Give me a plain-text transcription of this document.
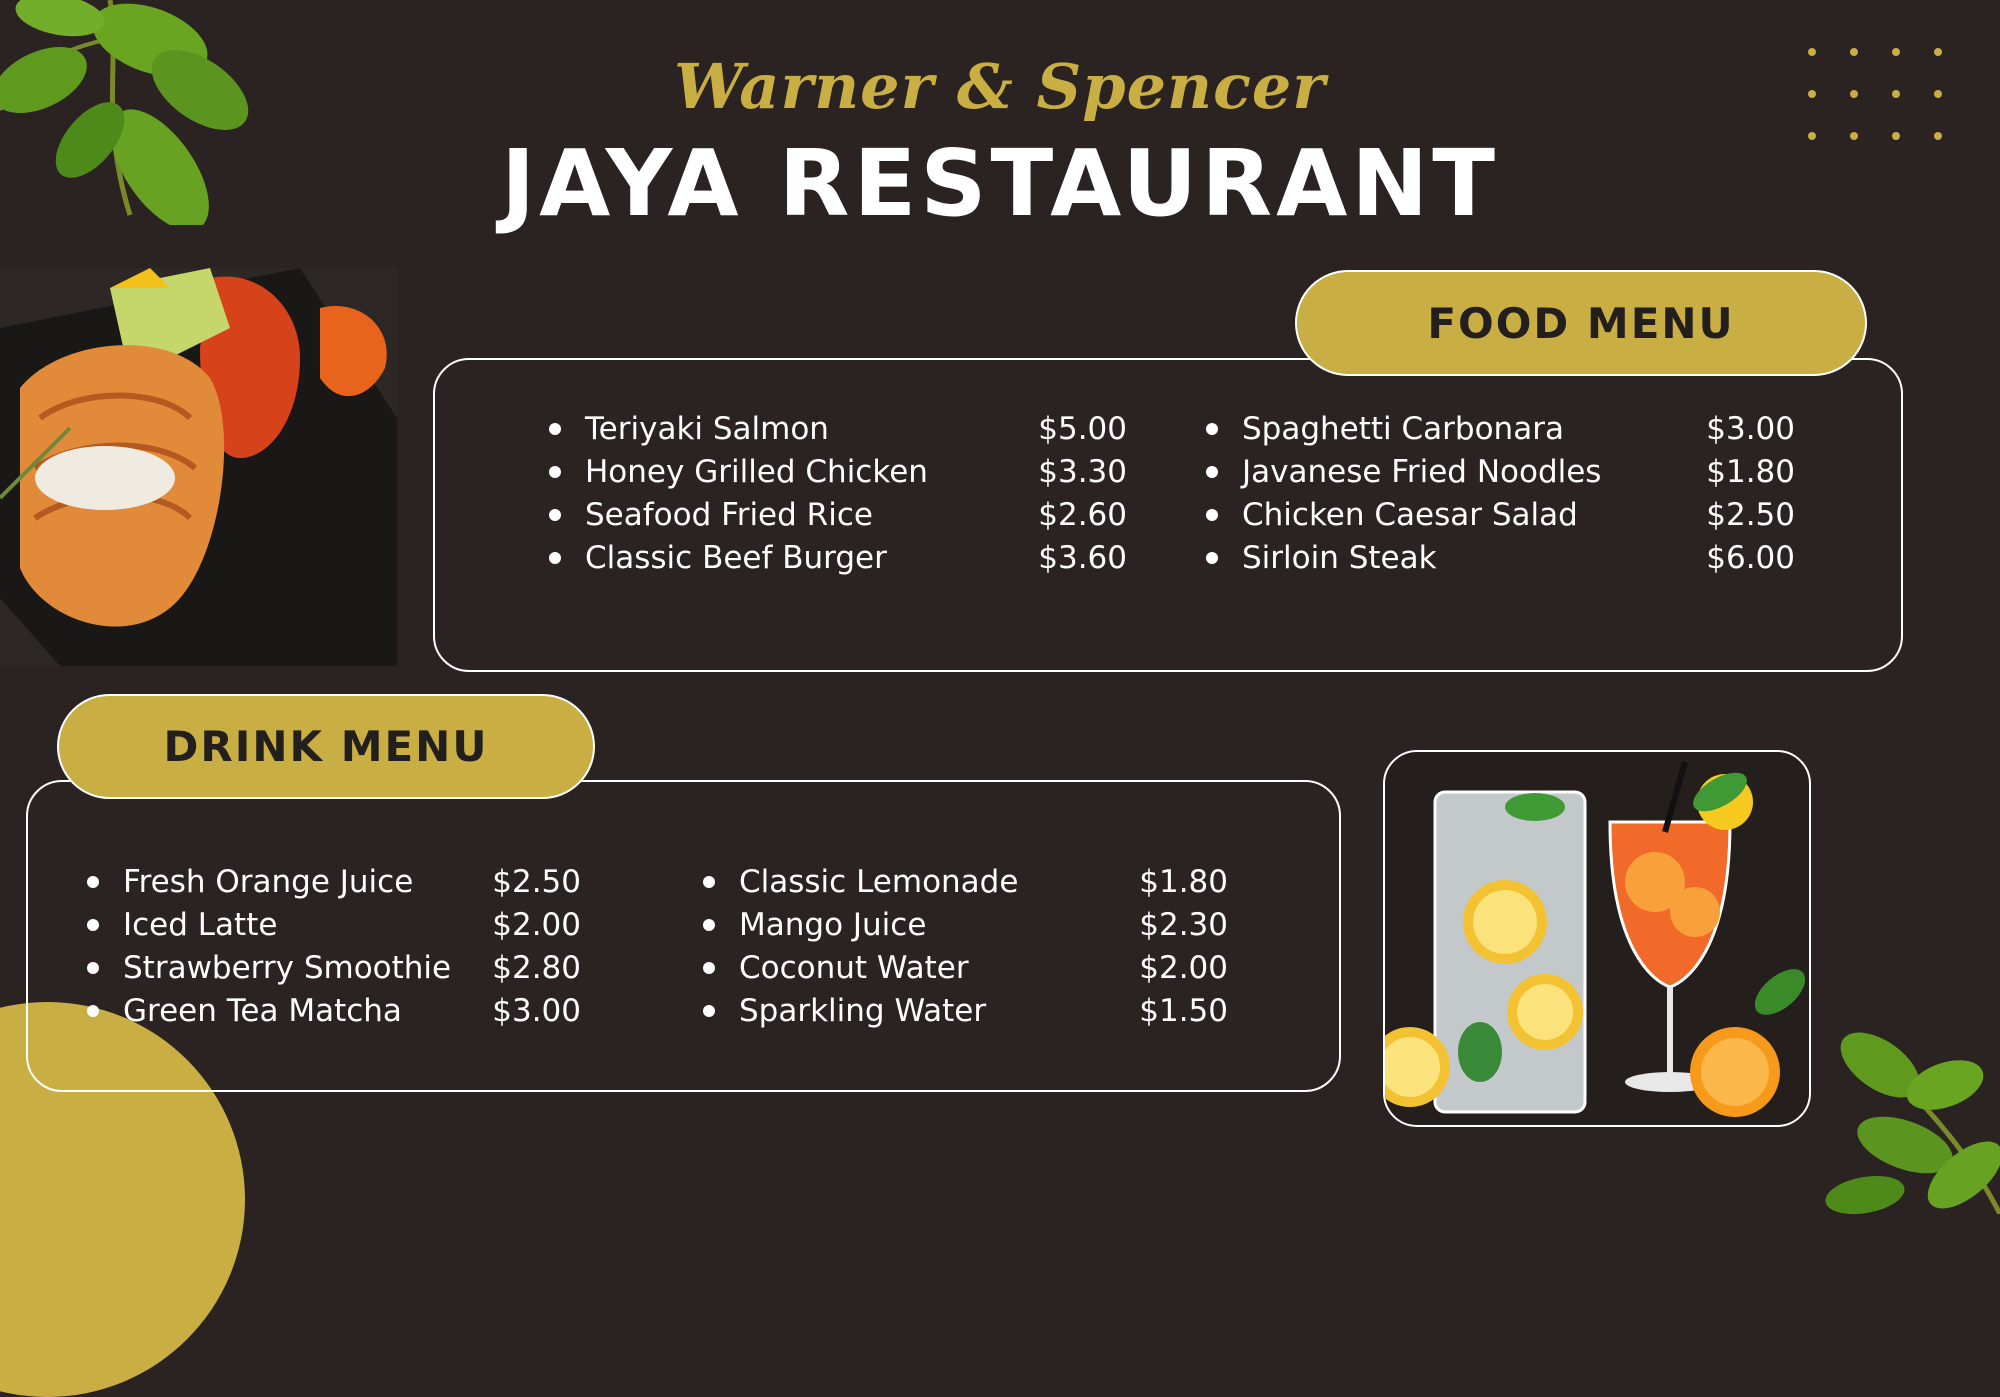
Warner & Spencer
JAYA RESTAURANT
Teriyaki Salmon	$5.00
Honey Grilled Chicken	$3.30
Seafood Fried Rice	$2.60
Classic Beef Burger	$3.60
Spaghetti Carbonara	$3.00
Javanese Fried Noodles	$1.80
Chicken Caesar Salad	$2.50
Sirloin Steak	$6.00
FOOD MENU
Fresh Orange Juice	$2.50
Iced Latte	$2.00
Strawberry Smoothie $2.80
Green Tea Matcha	$3.00
Classic Lemonade	$1.80
Mango Juice	$2.30
Coconut Water	$2.00
Sparkling Water	$1.50
DRINK MENU
